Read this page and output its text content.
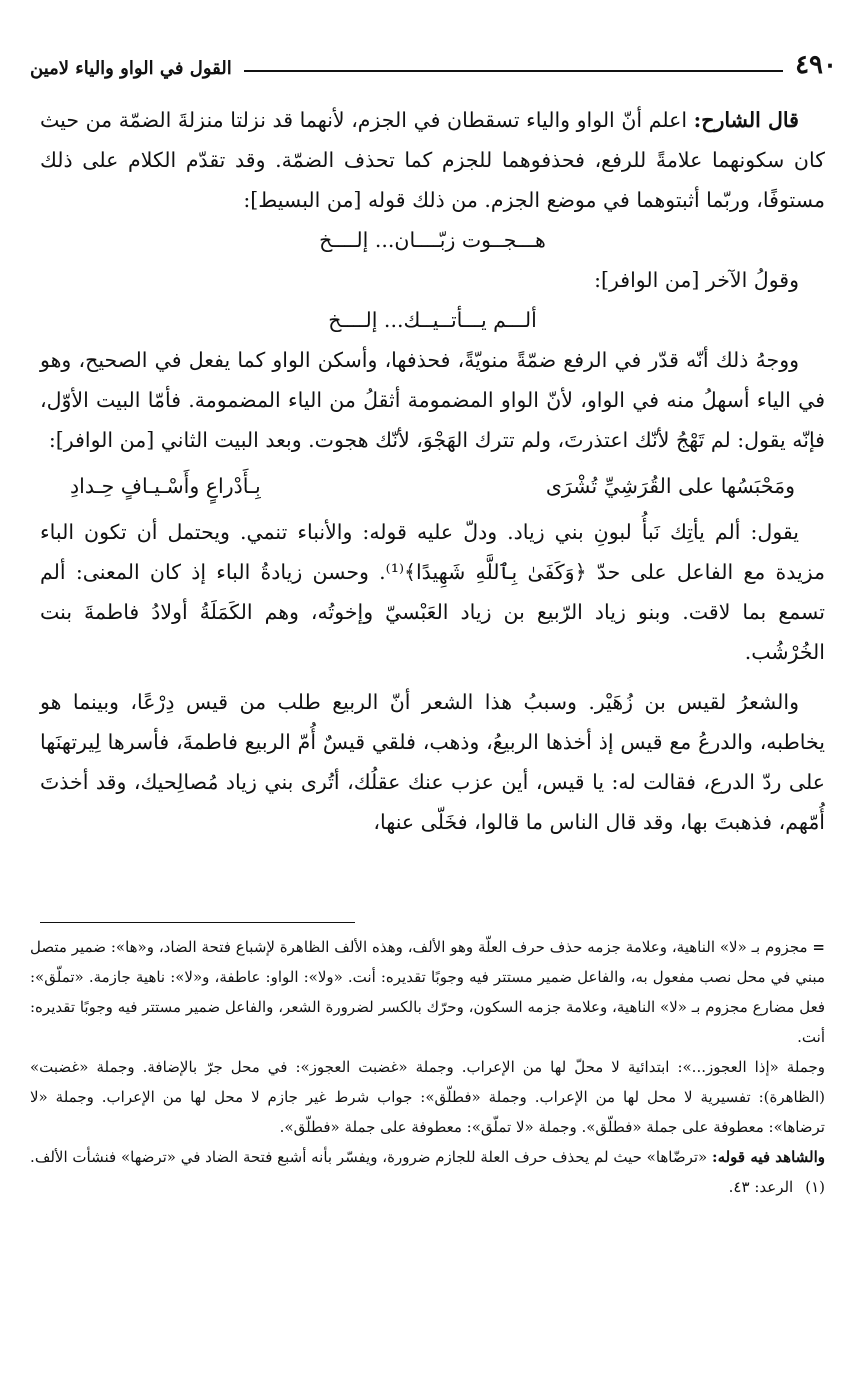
٤٩٠
القول في الواو والياء لامين

قال الشارح: اعلم أنّ الواو والياء تسقطان في الجزم، لأنهما قد نزلتا منزلةَ الضمّة من حيث كان سكونهما علامةً للرفع، فحذفوهما للجزم كما تحذف الضمّة. وقد تقدّم الكلام على ذلك مستوفًا، وربّما أثبتوهما في موضع الجزم. من ذلك قوله [من البسيط]:

هـــجــوت زبّــــان... إلــــخ

وقولُ الآخر [من الوافر]:

ألـــم يـــأتــيــك... إلــــخ

ووجهُ ذلك أنّه قدّر في الرفع ضمّةً منويّةً، فحذفها، وأسكن الواو كما يفعل في الصحيح، وهو في الياء أسهلُ منه في الواو، لأنّ الواو المضمومة أثقلُ من الياء المضمومة. فأمّا البيت الأوّل، فإنّه يقول: لم تَهْجُ لأنّك اعتذرتَ، ولم تترك الهَجْوَ، لأنّك هجوت. وبعد البيت الثاني [من الوافر]:

ومَحْبَسُها على القُرَشِيِّ تُشْرَى
بِـأَدْراعٍ وأَسْـيـافٍ حِـدادِ

يقول: ألم يأتِك نَبأُ لبونِ بني زياد. ودلّ عليه قوله: والأنباء تنمي. ويحتمل أن تكون الباء مزيدة مع الفاعل على حدّ ﴿وَكَفَىٰ بِٱللَّهِ شَهِيدًا﴾⁽¹⁾. وحسن زيادةُ الباء إذ كان المعنى: ألم تسمع بما لاقت. وبنو زياد الرّبيع بن زياد العَبْسيّ وإخوتُه، وهم الكَمَلَةُ أولادُ فاطمةَ بنت الخُرْشُب.

والشعرُ لقيس بن زُهَيْر. وسببُ هذا الشعر أنّ الربيع طلب من قيس دِرْعًا، وبينما هو يخاطبه، والدرعُ مع قيس إذ أخذها الربيعُ، وذهب، فلقي قيسٌ أُمّ الربيع فاطمةَ، فأسرها لِيرتهنَها على ردّ الدرع، فقالت له: يا قيس، أين عزب عنك عقلُك، أتُرى بني زياد مُصالِحيك، وقد أخذتَ أُمّهم، فذهبتَ بها، وقد قال الناس ما قالوا، فخَلّى عنها،

= مجزوم بـ «لا» الناهية، وعلامة جزمه حذف حرف العلّة وهو الألف، وهذه الألف الظاهرة لإشباع فتحة الضاد، و«ها»: ضمير متصل مبني في محل نصب مفعول به، والفاعل ضمير مستتر فيه وجوبًا تقديره: أنت. «ولا»: الواو: عاطفة، و«لا»: ناهية جازمة. «تملّق»: فعل مضارع مجزوم بـ «لا» الناهية، وعلامة جزمه السكون، وحرّك بالكسر لضرورة الشعر، والفاعل ضمير مستتر فيه وجوبًا تقديره: أنت.

وجملة «إذا العجوز...»: ابتدائية لا محلّ لها من الإعراب. وجملة «غضبت العجوز»: في محل جرّ بالإضافة. وجملة «غضبت» (الظاهرة): تفسيرية لا محل لها من الإعراب. وجملة «فطلّق»: جواب شرط غير جازم لا محل لها من الإعراب. وجملة «لا ترضاها»: معطوفة على جملة «فطلّق». وجملة «لا تملّق»: معطوفة على جملة «فطلّق».

والشاهد فيه قوله: «ترضّاها» حيث لم يحذف حرف العلة للجازم ضرورة، ويفسّر بأنه أشبع فتحة الضاد في «ترضها» فنشأت الألف.

(١)
الرعد: ٤٣.
